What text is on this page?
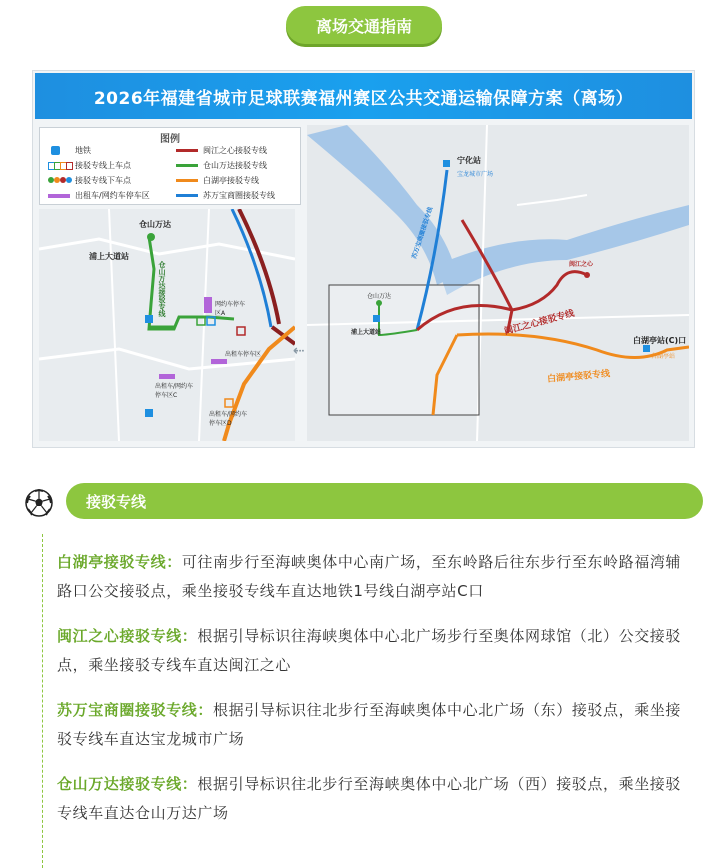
离场交通指南
2026年福建省城市足球联赛福州赛区公共交通运输保障方案（离场）
图例
地铁
接驳专线上车点
接驳专线下车点
出租车/网约车停车区
闽江之心接驳专线
仓山万达接驳专线
白湖亭接驳专线
苏万宝商圈接驳专线
仓山万达
浦上大道站
仓山万达接驳专线	网约车停车区A
出租车停车区
出租车/网约车停车区C
出租车/网约车停车区D
⇠
宁化站
宝龙城市广场
苏万宝商圈接驳专线
闽江之心
闽江之心接驳专线
仓山万达
浦上大道站
白湖亭站(C)口
白湖亭站
白湖亭接驳专线
接驳专线
白湖亭接驳专线：可往南步行至海峡奥体中心南广场，至东岭路后往东步行至东岭路福湾辅路口公交接驳点，乘坐接驳专线车直达地铁1号线白湖亭站C口
闽江之心接驳专线：根据引导标识往海峡奥体中心北广场步行至奥体网球馆（北）公交接驳点，乘坐接驳专线车直达闽江之心
苏万宝商圈接驳专线：根据引导标识往北步行至海峡奥体中心北广场（东）接驳点，乘坐接驳专线车直达宝龙城市广场
仓山万达接驳专线：根据引导标识往北步行至海峡奥体中心北广场（西）接驳点，乘坐接驳专线车直达仓山万达广场
